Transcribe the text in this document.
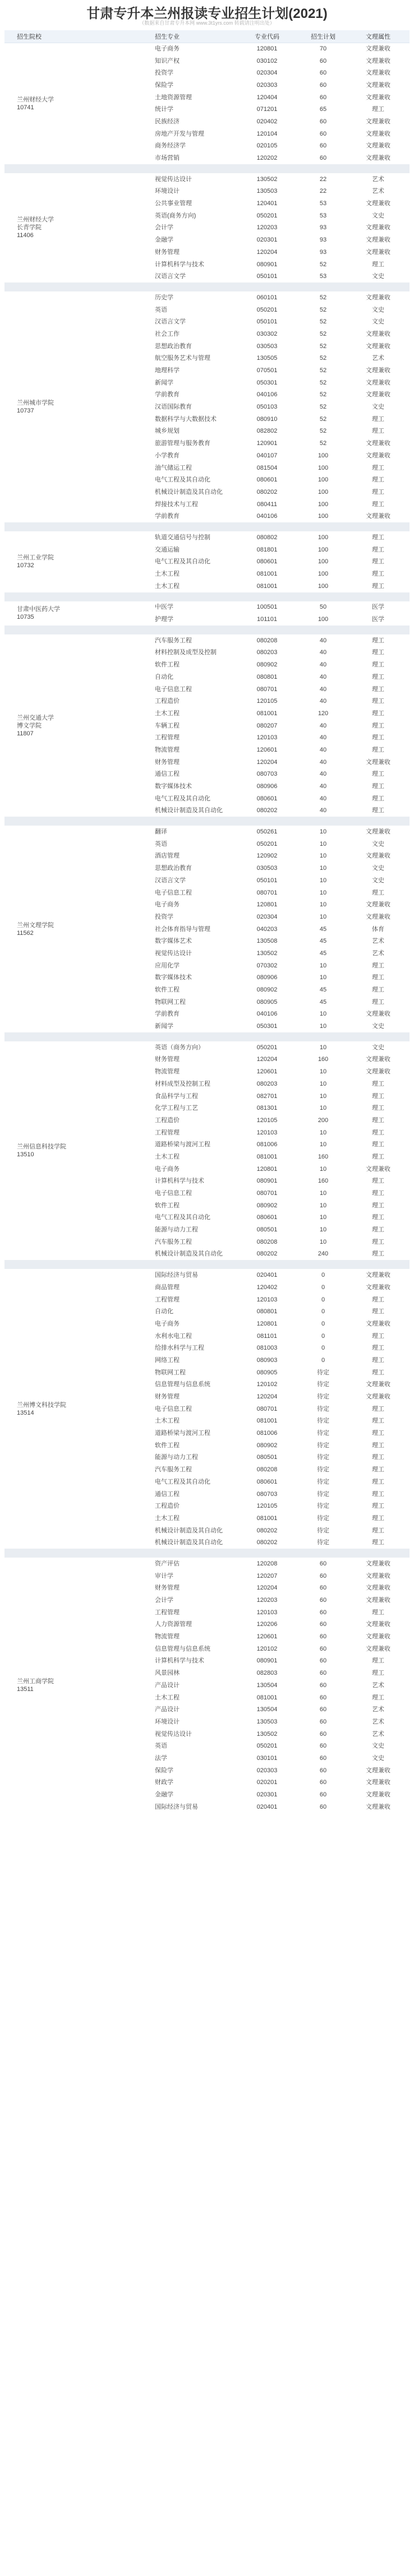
甘肃专升本兰州报读专业招生计划(2021)
（数据来自甘肃专升本网 www.3t1yrs.com 转载请注明出处）
招生院校	招生专业	专业代码	招生计划	文理属性

兰州财经大学
10741	电子商务	120801	70	文理兼收
	知识产权	030102	60	文理兼收
	投资学	020304	60	文理兼收
	保险学	020303	60	文理兼收
	土地资源管理	120404	60	文理兼收
	统计学	071201	65	理工
	民族经济	020402	60	文理兼收
	房地产开发与管理	120104	60	文理兼收
	商务经济学	020105	60	文理兼收
	市场营销	120202	60	文理兼收

兰州财经大学
长青学院
11406	视觉传达设计	130502	22	艺术
	环境设计	130503	22	艺术
	公共事业管理	120401	53	文理兼收
	英语(商务方向)	050201	53	文史
	会计学	120203	93	文理兼收
	金融学	020301	93	文理兼收
	财务管理	120204	93	文理兼收
	计算机科学与技术	080901	52	理工
	汉语言文学	050101	53	文史

兰州城市学院
10737	历史学	060101	52	文理兼收
	英语	050201	52	文史
	汉语言文学	050101	52	文史
	社会工作	030302	52	文理兼收
	思想政治教育	030503	52	文理兼收
	航空服务艺术与管理	130505	52	艺术
	地理科学	070501	52	文理兼收
	新闻学	050301	52	文理兼收
	学前教育	040106	52	文理兼收
	汉语国际教育	050103	52	文史
	数据科学与大数据技术	080910	52	理工
	城乡规划	082802	52	理工
	旅游管理与服务教育	120901	52	文理兼收
	小学教育	040107	100	文理兼收
	油气储运工程	081504	100	理工
	电气工程及其自动化	080601	100	理工
	机械设计制造及其自动化	080202	100	理工
	焊接技术与工程	080411	100	理工
	学前教育	040106	100	文理兼收

兰州工业学院
10732	轨道交通信号与控制	080802	100	理工
	交通运输	081801	100	理工
	电气工程及其自动化	080601	100	理工
	土木工程	081001	100	理工
	土木工程	081001	100	理工

甘肃中医药大学
10735	中医学	100501	50	医学
	护理学	101101	100	医学

兰州交通大学
博文学院
11807	汽车服务工程	080208	40	理工
	材料控制及成型及控制	080203	40	理工
	软件工程	080902	40	理工
	自动化	080801	40	理工
	电子信息工程	080701	40	理工
	工程造价	120105	40	理工
	土木工程	081001	120	理工
	车辆工程	080207	40	理工
	工程管理	120103	40	理工
	物流管理	120601	40	理工
	财务管理	120204	40	文理兼收
	通信工程	080703	40	理工
	数字媒体技术	080906	40	理工
	电气工程及其自动化	080601	40	理工
	机械设计制造及其自动化	080202	40	理工

兰州文理学院
11562	翻译	050261	10	文理兼收
	英语	050201	10	文史
	酒店管理	120902	10	文理兼收
	思想政治教育	030503	10	文史
	汉语言文学	050101	10	文史
	电子信息工程	080701	10	理工
	电子商务	120801	10	文理兼收
	投资学	020304	10	文理兼收
	社会体育指导与管理	040203	45	体育
	数字媒体艺术	130508	45	艺术
	视觉传达设计	130502	45	艺术
	应用化学	070302	10	理工
	数字媒体技术	080906	10	理工
	软件工程	080902	45	理工
	物联网工程	080905	45	理工
	学前教育	040106	10	文理兼收
	新闻学	050301	10	文史

兰州信息科技学院
13510	英语（商务方向）	050201	10	文史
	财务管理	120204	160	文理兼收
	物流管理	120601	10	文理兼收
	材料成型及控制工程	080203	10	理工
	食品科学与工程	082701	10	理工
	化学工程与工艺	081301	10	理工
	工程造价	120105	200	理工
	工程管理	120103	10	理工
	道路桥梁与渡河工程	081006	10	理工
	土木工程	081001	160	理工
	电子商务	120801	10	文理兼收
	计算机科学与技术	080901	160	理工
	电子信息工程	080701	10	理工
	软件工程	080902	10	理工
	电气工程及其自动化	080601	10	理工
	能源与动力工程	080501	10	理工
	汽车服务工程	080208	10	理工
	机械设计制造及其自动化	080202	240	理工

兰州博文科技学院
13514	国际经济与贸易	020401	0	文理兼收
	商品管理	120402	0	文理兼收
	工程管理	120103	0	理工
	自动化	080801	0	理工
	电子商务	120801	0	文理兼收
	水利水电工程	081101	0	理工
	给排水科学与工程	081003	0	理工
	网络工程	080903	0	理工
	物联网工程	080905	待定	理工
	信息管理与信息系统	120102	待定	文理兼收
	财务管理	120204	待定	文理兼收
	电子信息工程	080701	待定	理工
	土木工程	081001	待定	理工
	道路桥梁与渡河工程	081006	待定	理工
	软件工程	080902	待定	理工
	能源与动力工程	080501	待定	理工
	汽车服务工程	080208	待定	理工
	电气工程及其自动化	080601	待定	理工
	通信工程	080703	待定	理工
	工程造价	120105	待定	理工
	土木工程	081001	待定	理工
	机械设计制造及其自动化	080202	待定	理工
	机械设计制造及其自动化	080202	待定	理工

兰州工商学院
13511	资产评估	120208	60	文理兼收
	审计学	120207	60	文理兼收
	财务管理	120204	60	文理兼收
	会计学	120203	60	文理兼收
	工程管理	120103	60	理工
	人力资源管理	120206	60	文理兼收
	物流管理	120601	60	文理兼收
	信息管理与信息系统	120102	60	文理兼收
	计算机科学与技术	080901	60	理工
	风景园林	082803	60	理工
	产品设计	130504	60	艺术
	土木工程	081001	60	理工
	产品设计	130504	60	艺术
	环境设计	130503	60	艺术
	视觉传达设计	130502	60	艺术
	英语	050201	60	文史
	法学	030101	60	文史
	保险学	020303	60	文理兼收
	财政学	020201	60	文理兼收
	金融学	020301	60	文理兼收
	国际经济与贸易	020401	60	文理兼收
